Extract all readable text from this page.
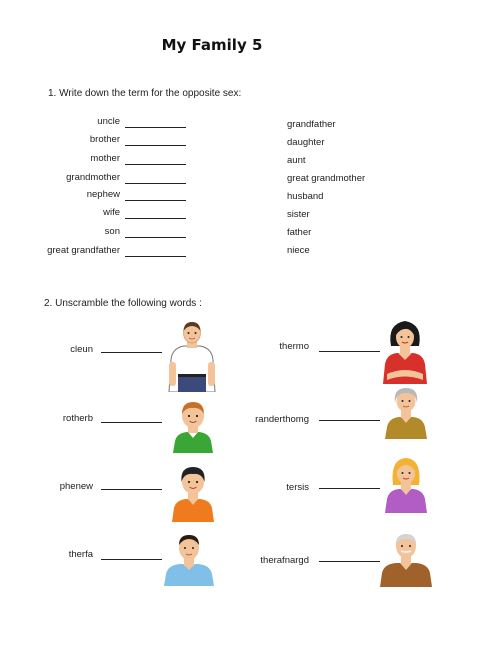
My Family 5
1. Write down the term for the opposite sex:
uncle
brother
mother
grandmother
nephew
wife
son
great grandfather
grandfather
daughter
aunt
great grandmother
husband
sister
father
niece
2. Unscramble the following words :
cleun
rotherb
phenew
therfa
thermo
randerthomg
tersis
therafnargd
